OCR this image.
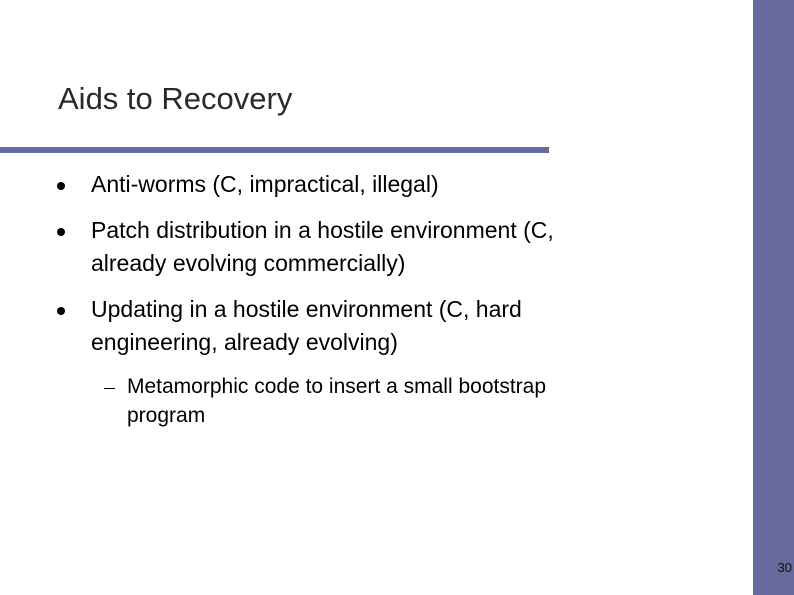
Aids to Recovery
Anti-worms (C, impractical, illegal)
Patch distribution in a hostile environment (C,
already evolving commercially)
Updating in a hostile environment (C, hard
engineering, already evolving)
Metamorphic code to insert a small bootstrap
program
30
